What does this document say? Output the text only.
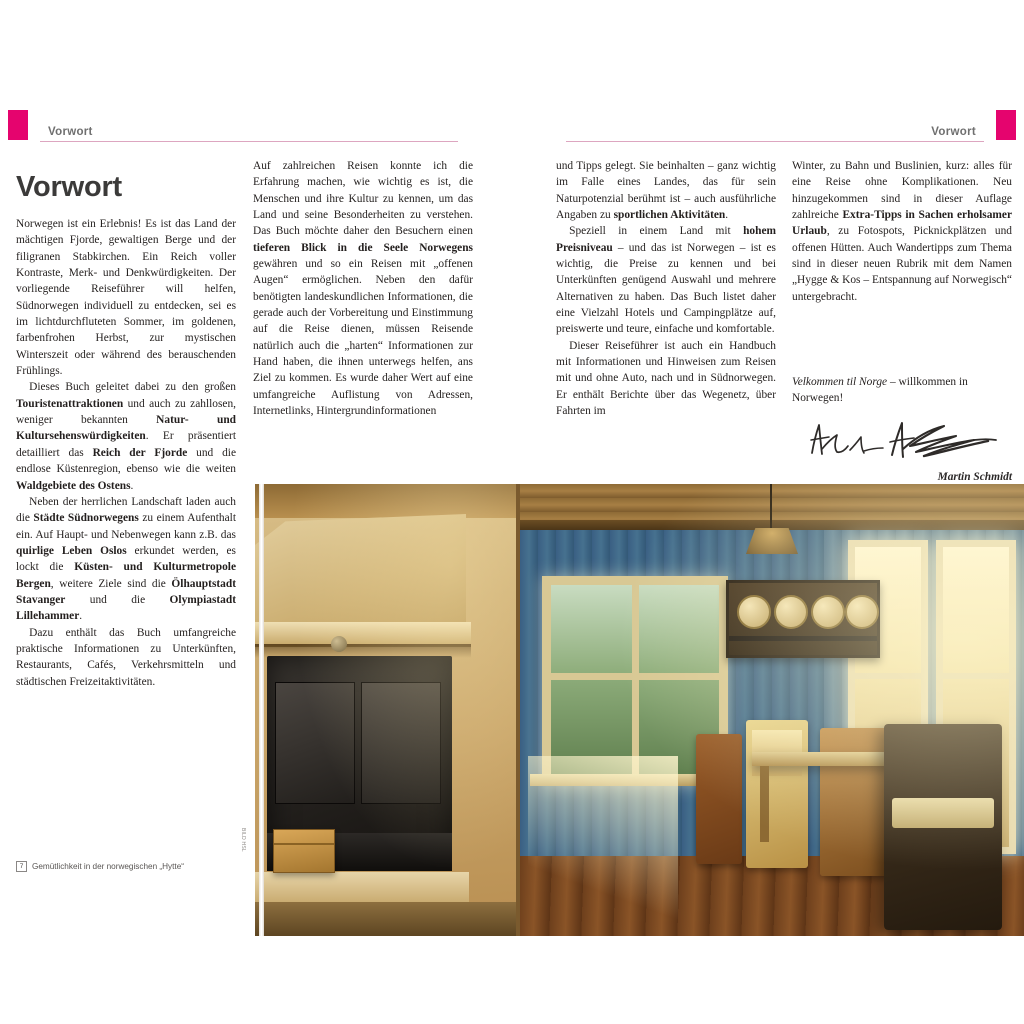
Vorwort	Vorwort
Vorwort

Norwegen ist ein Erlebnis! Es ist das Land der mächtigen Fjorde, gewaltigen Berge und der filigranen Stabkirchen. Ein Reich voller Kontraste, Merk- und Denkwürdigkeiten. Der vorliegende Reiseführer will helfen, Südnorwegen individuell zu entdecken, sei es im lichtdurchfluteten Sommer, im goldenen, farbenfrohen Herbst, zur mystischen Winterszeit oder während des berauschenden Frühlings.

Dieses Buch geleitet dabei zu den großen Touristenattraktionen und auch zu zahllosen, weniger bekannten Natur- und Kultursehenswürdigkeiten. Er präsentiert detailliert das Reich der Fjorde und die endlose Küstenregion, ebenso wie die weiten Waldgebiete des Ostens.

Neben der herrlichen Landschaft laden auch die Städte Südnorwegens zu einem Aufenthalt ein. Auf Haupt- und Nebenwegen kann z.B. das quirlige Leben Oslos erkundet werden, es lockt die Küsten- und Kulturmetropole Bergen, weitere Ziele sind die Ölhauptstadt Stavanger und die Olympiastadt Lillehammer.

Dazu enthält das Buch umfangreiche praktische Informationen zu Unterkünften, Restaurants, Cafés, Verkehrsmitteln und städtischen Freizeitaktivitäten.

Auf zahlreichen Reisen konnte ich die Erfahrung machen, wie wichtig es ist, die Menschen und ihre Kultur zu kennen, um das Land und seine Besonderheiten zu verstehen. Das Buch möchte daher den Besuchern einen tieferen Blick in die Seele Norwegens gewähren und so ein Reisen mit „offenen Augen“ ermöglichen. Neben den dafür benötigten landeskundlichen Informationen, die gerade auch der Vorbereitung und Einstimmung auf die Reise dienen, müssen Reisende natürlich auch die „harten“ Informationen zur Hand haben, die ihnen unterwegs helfen, ans Ziel zu kommen. Es wurde daher Wert auf eine umfangreiche Auflistung von Adressen, Internetlinks, Hintergrundinformationen

und Tipps gelegt. Sie beinhalten – ganz wichtig im Falle eines Landes, das für sein Naturpotenzial berühmt ist – auch ausführliche Angaben zu sportlichen Aktivitäten.

Speziell in einem Land mit hohem Preisniveau – und das ist Norwegen – ist es wichtig, die Preise zu kennen und bei Unterkünften genügend Auswahl und mehrere Alternativen zu haben. Das Buch listet daher eine Vielzahl Hotels und Campingplätze auf, preiswerte und teure, einfache und komfortable.

Dieser Reiseführer ist auch ein Handbuch mit Informationen und Hinweisen zum Reisen mit und ohne Auto, nach und in Südnorwegen. Er enthält Berichte über das Wegenetz, über Fahrten im

Winter, zu Bahn und Buslinien, kurz: alles für eine Reise ohne Komplikationen. Neu hinzugekommen sind in dieser Auflage zahlreiche Extra-Tipps in Sachen erholsamer Urlaub, zu Fotospots, Picknickplätzen und offenen Hütten. Auch Wandertipps zum Thema sind in dieser neuen Rubrik mit dem Namen „Hygge & Kos – Entspannung auf Norwegisch“ untergebracht.

Velkommen til Norge – willkommen in Norwegen!
Martin Schmidt
BILD HSL
7	Gemütlichkeit in der norwegischen „Hytte“
